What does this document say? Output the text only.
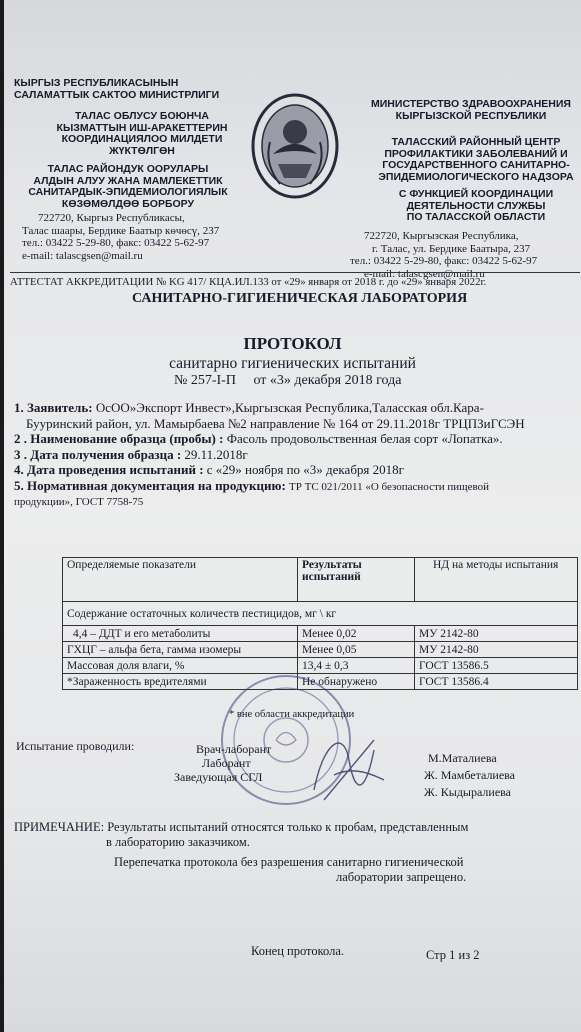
КЫРГЫЗ РЕСПУБЛИКАСЫНЫН
САЛАМАТТЫК САКТОО МИНИСТРЛИГИ
ТАЛАС ОБЛУСУ БОЮНЧА
КЫЗМАТТЫН ИШ-АРАКЕТТЕРИН
КООРДИНАЦИЯЛОО МИЛДЕТИ
ЖҮКТӨЛГӨН
ТАЛАС РАЙОНДУК ООРУЛАРЫ
АЛДЫН АЛУУ ЖАНА МАМЛЕКЕТТИК
САНИТАРДЫК-ЭПИДЕМИОЛОГИЯЛЫК
КӨЗӨМӨЛДӨӨ БОРБОРУ
722720, Кыргыз Республикасы,
Талас шаары, Бердике Баатыр көчөсү, 237
тел.: 03422 5-29-80, факс: 03422 5-62-97
e-mail: talascgsen@mail.ru
МИНИСТЕРСТВО ЗДРАВООХРАНЕНИЯ
КЫРГЫЗСКОЙ РЕСПУБЛИКИ
ТАЛАССКИЙ РАЙОННЫЙ ЦЕНТР
ПРОФИЛАКТИКИ ЗАБОЛЕВАНИЙ И
ГОСУДАРСТВЕННОГО САНИТАРНО-
ЭПИДЕМИОЛОГИЧЕСКОГО НАДЗОРА
С ФУНКЦИЕЙ КООРДИНАЦИИ
ДЕЯТЕЛЬНОСТИ СЛУЖБЫ
ПО ТАЛАССКОЙ ОБЛАСТИ
722720, Кыргызская Республика,
г. Талас, ул. Бердике Баатыра, 237
тел.: 03422 5-29-80, факс: 03422 5-62-97
e-mail: talascgsen@mail.ru
АТТЕСТАТ АККРЕДИТАЦИИ № KG 417/ КЦА.ИЛ.133 от «29» января от 2018 г. до «29» января 2022г.
САНИТАРНО-ГИГИЕНИЧЕСКАЯ ЛАБОРАТОРИЯ
ПРОТОКОЛ
санитарно гигиенических испытаний
№ 257-I-П от «3» декабря 2018 года
1. Заявитель: ОсОО»Экспорт Инвест»,Кыргызская Республика,Таласская обл.Кара-
Бууринский район, ул. Мамырбаева №2 направление № 164 от 29.11.2018г ТРЦПЗиГСЭН
2 . Наименование образца (пробы) : Фасоль продовольственная белая сорт «Лопатка».
3 . Дата получения образца : 29.11.2018г
4. Дата проведения испытаний : с «29» ноября по «3» декабря 2018г
5. Нормативная документация на продукцию: ТР ТС 021/2011 «О безопасности пищевой
продукции», ГОСТ 7758-75
Определяемые показатели	Результаты испытаний	НД на методы испытания
Содержание остаточных количеств пестицидов, мг \ кг		
4,4 – ДДТ и его метаболиты	Менее 0,02	МУ 2142-80
ГХЦГ – альфа бета, гамма изомеры	Менее 0,05	МУ 2142-80
Массовая доля влаги, %	13,4 ± 0,3	ГОСТ 13586.5
*Зараженность вредителями	Не обнаружено	ГОСТ 13586.4
* вне области аккредитации
Испытание проводили:	Врач-лаборант
Лаборант
Заведующая СГЛ
М.Маталиева
Ж. Мамбеталиева
Ж. Кыдыралиева
ПРИМЕЧАНИЕ: Результаты испытаний относятся только к пробам, представленным
в лабораторию заказчиком.
Перепечатка протокола без разрешения санитарно гигиенической
лаборатории запрещено.
Конец протокола.	Стр 1 из 2
